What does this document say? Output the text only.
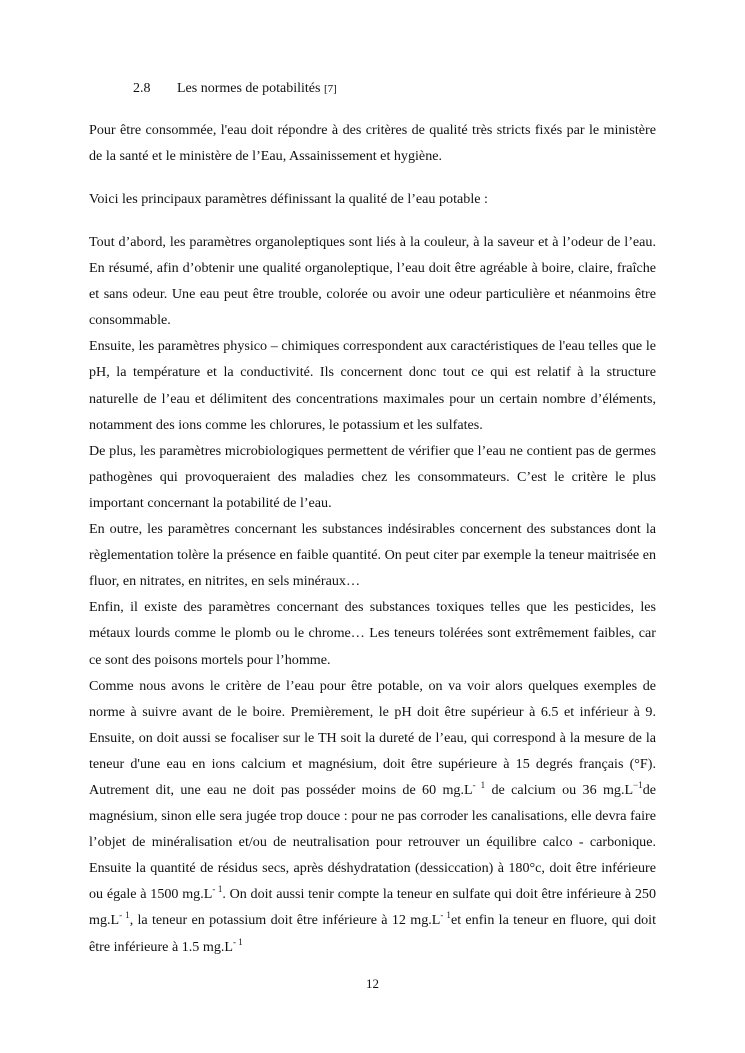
2.8 Les normes de potabilités [7]

Pour être consommée, l'eau doit répondre à des critères de qualité très stricts fixés par le ministère de la santé et le ministère de l’Eau, Assainissement et hygiène.

Voici les principaux paramètres définissant la qualité de l’eau potable :

Tout d’abord, les paramètres organoleptiques sont liés à la couleur, à la saveur et à l’odeur de l’eau. En résumé, afin d’obtenir une qualité organoleptique, l’eau doit être agréable à boire, claire, fraîche et sans odeur. Une eau peut être trouble, colorée ou avoir une odeur particulière et néanmoins être consommable.

Ensuite, les paramètres physico – chimiques correspondent aux caractéristiques de l'eau telles que le pH, la température et la conductivité. Ils concernent donc tout ce qui est relatif à la structure naturelle de l’eau et délimitent des concentrations maximales pour un certain nombre d’éléments, notamment des ions comme les chlorures, le potassium et les sulfates.

De plus, les paramètres microbiologiques permettent de vérifier que l’eau ne contient pas de germes pathogènes qui provoqueraient des maladies chez les consommateurs. C’est le critère le plus important concernant la potabilité de l’eau.

En outre, les paramètres concernant les substances indésirables concernent des substances dont la règlementation tolère la présence en faible quantité. On peut citer par exemple la teneur maitrisée en fluor, en nitrates, en nitrites, en sels minéraux…

Enfin, il existe des paramètres concernant des substances toxiques telles que les pesticides, les métaux lourds comme le plomb ou le chrome… Les teneurs tolérées sont extrêmement faibles, car ce sont des poisons mortels pour l’homme.

Comme nous avons le critère de l’eau pour être potable, on va voir alors quelques exemples de norme à suivre avant de le boire. Premièrement, le pH doit être supérieur à 6.5 et inférieur à 9. Ensuite, on doit aussi se focaliser sur le TH soit la dureté de l’eau, qui correspond à la mesure de la teneur d'une eau en ions calcium et magnésium, doit être supérieure à 15 degrés français (°F). Autrement dit, une eau ne doit pas posséder moins de 60 $mg.L^{- 1}$ de calcium ou 36 $mg.L^{-1}de$ magnésium, sinon elle sera jugée trop douce : pour ne pas corroder les canalisations, elle devra faire l’objet de minéralisation et/ou de neutralisation pour retrouver un équilibre calco - carbonique. Ensuite la quantité de résidus secs, après déshydratation (dessiccation) à 180°c, doit être inférieure ou égale à 1500 $mg.L^{- 1}$. On doit aussi tenir compte la teneur en sulfate qui doit être inférieure à 250 $mg.L^{- 1}$, la teneur en potassium doit être inférieure à 12 $mg.L^{- 1}et$ enfin la teneur en fluore, qui doit être inférieure à 1.5 $mg.L^{- 1}$

12
